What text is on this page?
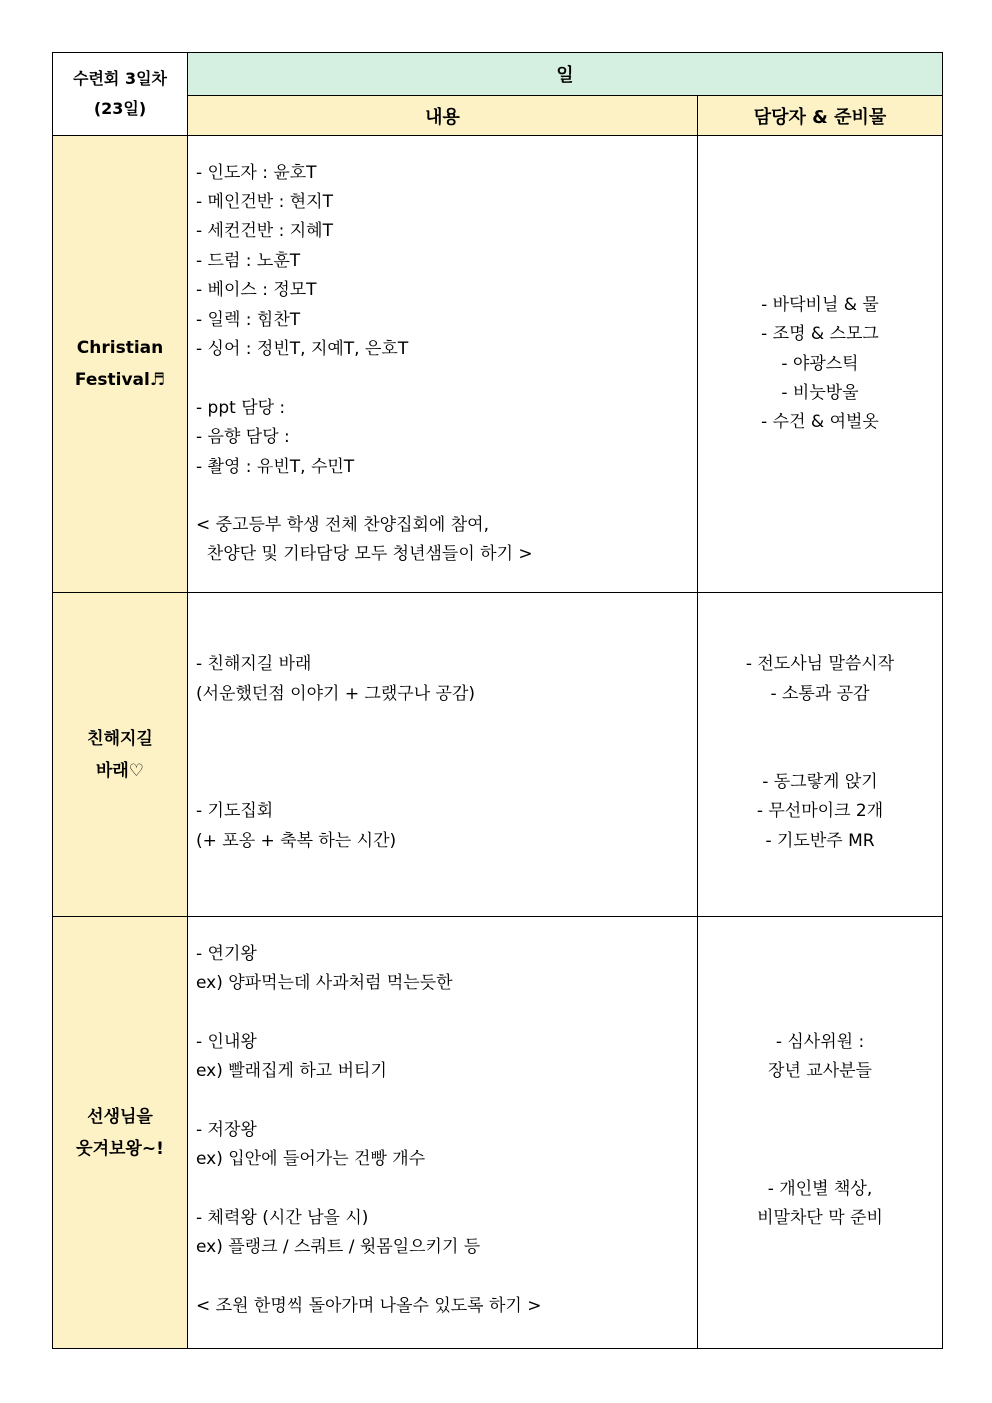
수련회 3일차
(23일)
일
내용	담당자 & 준비물
Christian
Festival♬
- 인도자 : 윤호T
- 메인건반 : 현지T
- 세컨건반 : 지혜T
- 드럼 : 노훈T
- 베이스 : 정모T
- 일렉 : 힘찬T
- 싱어 : 정빈T, 지예T, 은호T
- ppt 담당 :
- 음향 담당 :
- 촬영 : 유빈T, 수민T
< 중고등부 학생 전체 찬양집회에 참여,
찬양단 및 기타담당 모두 청년샘들이 하기 >
- 바닥비닐 & 물
- 조명 & 스모그
- 야광스틱
- 비눗방울
- 수건 & 여벌옷
친해지길
바래♡
- 친해지길 바래
(서운했던점 이야기 + 그랬구나 공감)
- 기도집회
(+ 포옹 + 축복 하는 시간)
- 전도사님 말씀시작
- 소통과 공감
- 동그랗게 앉기
- 무선마이크 2개
- 기도반주 MR
선생님을
웃겨보왕~!
- 연기왕
ex) 양파먹는데 사과처럼 먹는듯한
- 인내왕
ex) 빨래집게 하고 버티기
- 저장왕
ex) 입안에 들어가는 건빵 개수
- 체력왕 (시간 남을 시)
ex) 플랭크 / 스쿼트 / 윗몸일으키기 등
< 조원 한명씩 돌아가며 나올수 있도록 하기 >
- 심사위원 :
장년 교사분들
- 개인별 책상,
비말차단 막 준비
